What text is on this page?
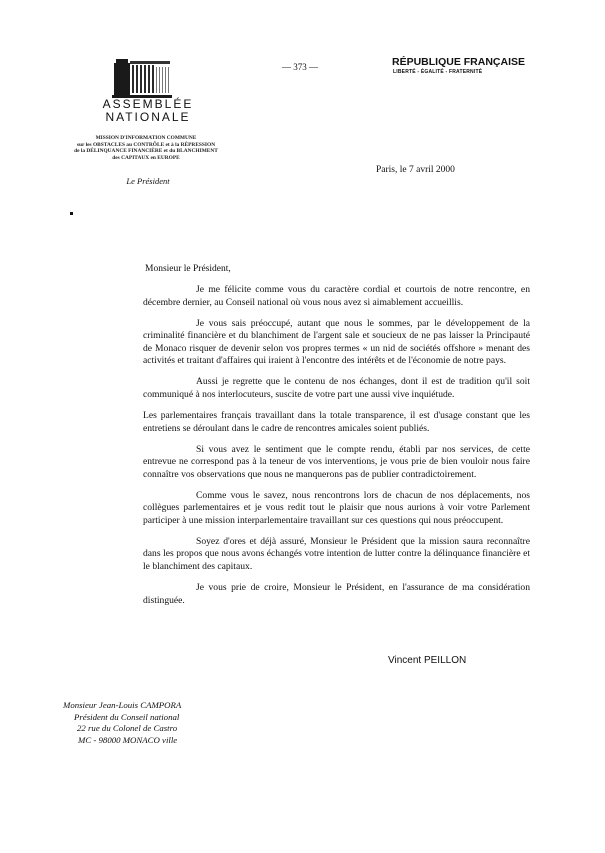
ASSEMBLÉE
NATIONALE
MISSION D'INFORMATION COMMUNE
sur les OBSTACLES au CONTRÔLE et à la RÉPRESSION
de la DÉLINQUANCE FINANCIÈRE et du BLANCHIMENT
des CAPITAUX en EUROPE
Le Président
— 373 —	RÉPUBLIQUE FRANÇAISE
LIBERTÉ - ÉGALITÉ - FRATERNITÉ
Paris, le 7 avril 2000
Monsieur le Président,

Je me félicite comme vous du caractère cordial et courtois de notre rencontre, en décembre dernier, au Conseil national où vous nous avez si aimablement accueillis.

Je vous sais préoccupé, autant que nous le sommes, par le développement de la criminalité financière et du blanchiment de l'argent sale et soucieux de ne pas laisser la Principauté de Monaco risquer de devenir selon vos propres termes « un nid de sociétés offshore » menant des activités et traitant d'affaires qui iraient à l'encontre des intérêts et de l'économie de notre pays.

Aussi je regrette que le contenu de nos échanges, dont il est de tradition qu'il soit communiqué à nos interlocuteurs, suscite de votre part une aussi vive inquiétude.

Les parlementaires français travaillant dans la totale transparence, il est d'usage constant que les entretiens se déroulant dans le cadre de rencontres amicales soient publiés.

Si vous avez le sentiment que le compte rendu, établi par nos services, de cette entrevue ne correspond pas à la teneur de vos interventions, je vous prie de bien vouloir nous faire connaître vos observations que nous ne manquerons pas de publier contradictoirement.

Comme vous le savez, nous rencontrons lors de chacun de nos déplacements, nos collègues parlementaires et je vous redit tout le plaisir que nous aurions à voir votre Parlement participer à une mission interparlementaire travaillant sur ces questions qui nous préoccupent.

Soyez d'ores et déjà assuré, Monsieur le Président que la mission saura reconnaître dans les propos que nous avons échangés votre intention de lutter contre la délinquance financière et le blanchiment des capitaux.

Je vous prie de croire, Monsieur le Président, en l'assurance de ma considération distinguée.

Vincent PEILLON
Monsieur Jean-Louis CAMPORA
Président du Conseil national
22 rue du Colonel de Castro
MC - 98000 MONACO ville
